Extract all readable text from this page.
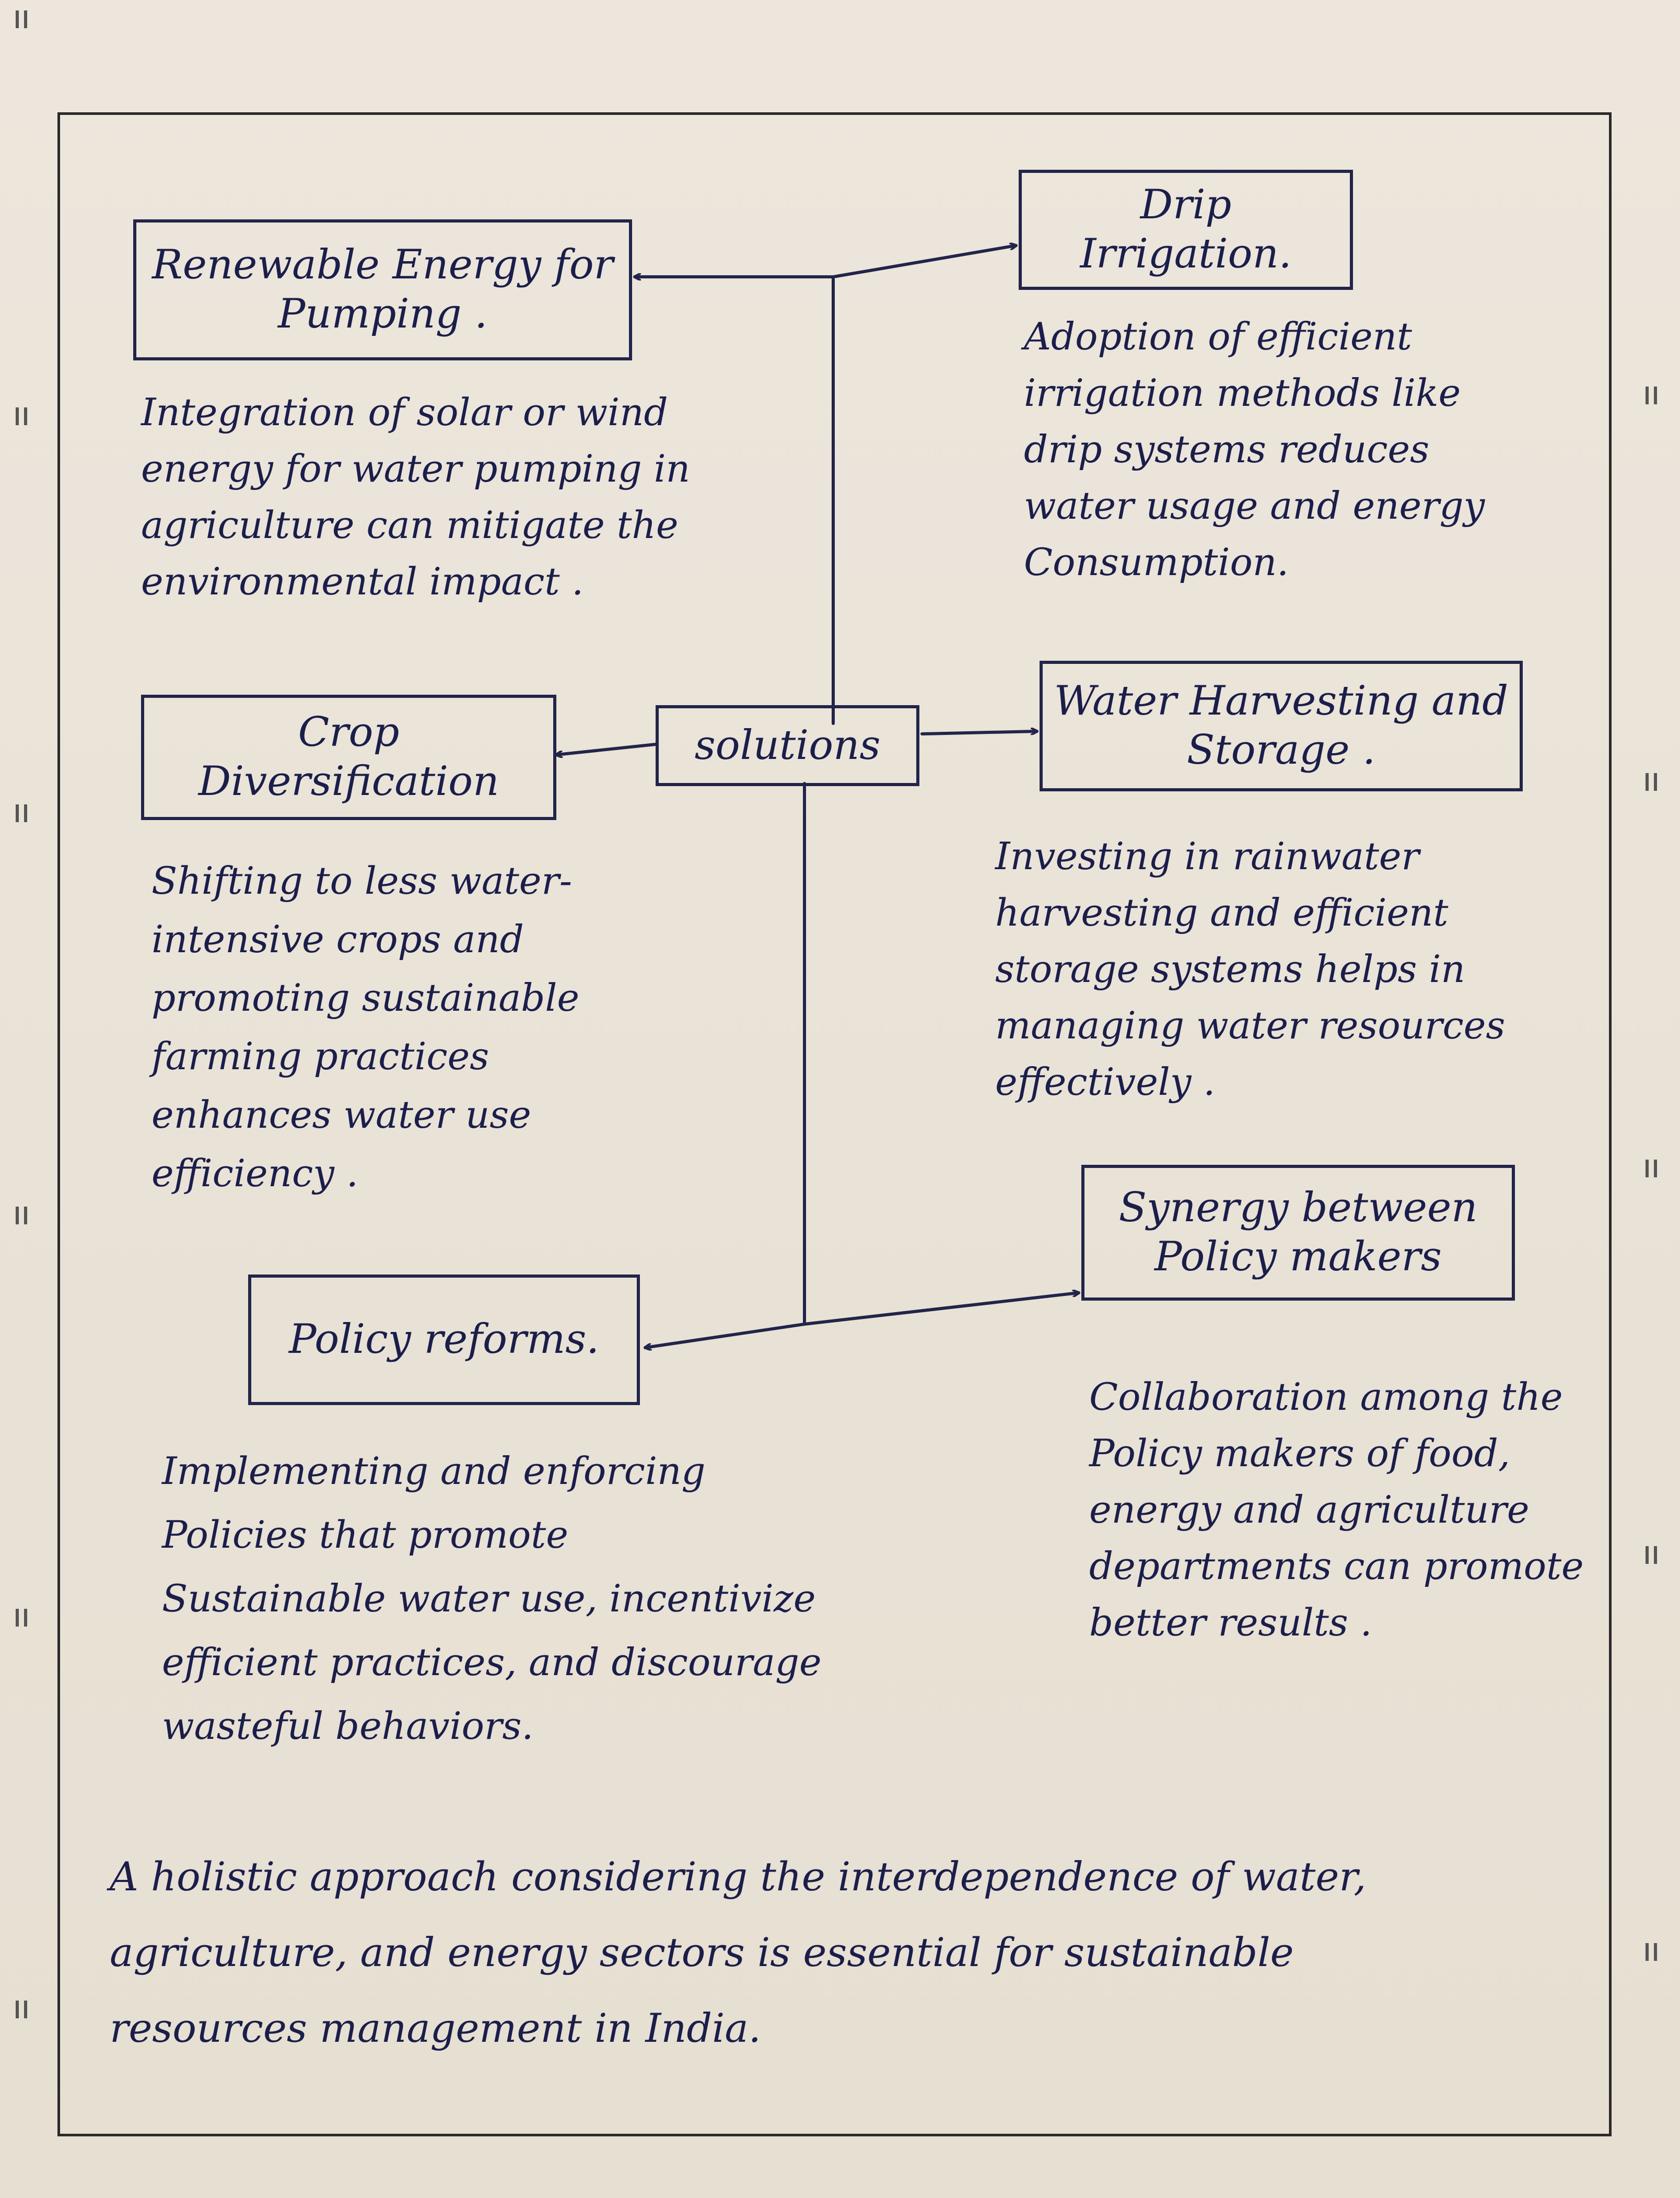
Renewable Energy for
Pumping .
Integration of solar or wind
energy for water pumping in
agriculture can mitigate the
environmental impact .
Drip Irrigation.
Adoption of efficient
irrigation methods like
drip systems reduces
water usage and energy
Consumption.
solutions
Crop Diversification
Shifting to less water-
intensive crops and
promoting sustainable
farming practices
enhances water use
efficiency .
Water Harvesting and
Storage .
Investing in rainwater
harvesting and efficient
storage systems helps in
managing water resources
effectively .
Policy reforms.
Implementing and enforcing
Policies that promote
Sustainable water use, incentivize
efficient practices, and discourage
wasteful behaviors.
Synergy between
Policy makers
Collaboration among the
Policy makers of food,
energy and agriculture
departments can promote
better results .
A holistic approach considering the interdependence of water,
agriculture, and energy sectors is essential for sustainable
resources management in India.
